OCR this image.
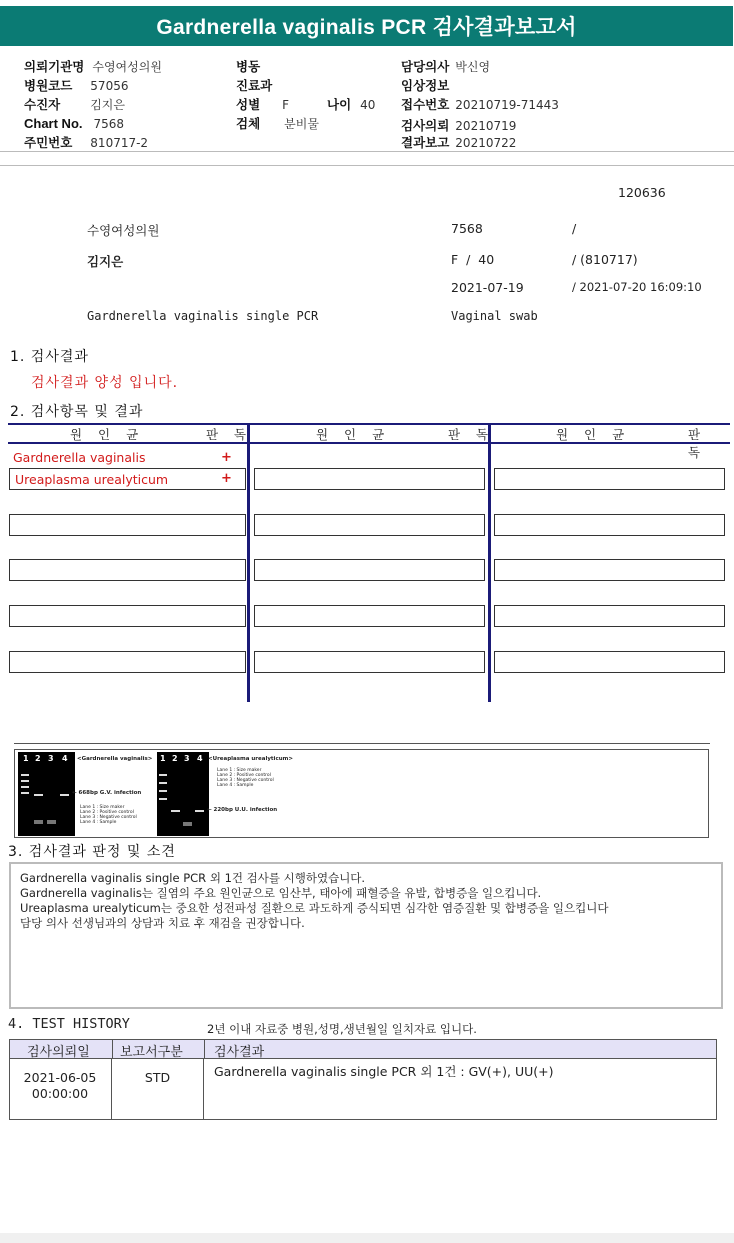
Gardnerella vaginalis PCR 검사결과보고서
의뢰기관명 수영여성의원	병동	담당의사 박신영
병원코드 57056	진료과	임상정보
수진자 김지은	성별 F	나이 40 접수번호 20210719-71443
Chart No. 7568	검체 분비물	검사의뢰 20210719
주민번호 810717-2	결과보고 20210722
120636
수영여성의원	7568	/
김지은	F  /  40	/ (810717)
2021-07-19	/ 2021-07-20 16:09:10
Gardnerella vaginalis single PCR	Vaginal swab
1. 검사결과
검사결과 양성 입니다.
2. 검사항목 및 결과
원 인 균	판 독	원 인 균	판 독	원 인 균	판 독
Gardnerella vaginalis	+
Ureaplasma urealyticum	+
1 2 3 4 <Gardnerella vaginalis>
← 668bp G.V. infection
Lane 1 : Size maker
Lane 2 : Positive control
Lane 3 : Negative control
Lane 4 : Sample
1 2 3 4 <Ureaplasma urealyticum>
Lane 1 : Size maker
Lane 2 : Positive control
Lane 3 : Negative control
Lane 4 : Sample
← 220bp U.U. infection
3. 검사결과 판정 및 소견
Gardnerella vaginalis single PCR 외 1건 검사를 시행하였습니다.
Gardnerella vaginalis는 질염의 주요 원인균으로 임산부, 태아에 패혈증을 유발, 합병증을 일으킵니다.
Ureaplasma urealyticum는 중요한 성전파성 질환으로 과도하게 증식되면 심각한 염증질환 및 합병증을 일으킵니다
담당 의사 선생님과의 상담과 치료 후 재검을 권장합니다.
4. TEST HISTORY	2년 이내 자료중 병원,성명,생년월일 일치자료 입니다.
검사의뢰일 보고서구분 검사결과
2021-06-05
00:00:00
STD	Gardnerella vaginalis single PCR 외 1건 : GV(+), UU(+)
